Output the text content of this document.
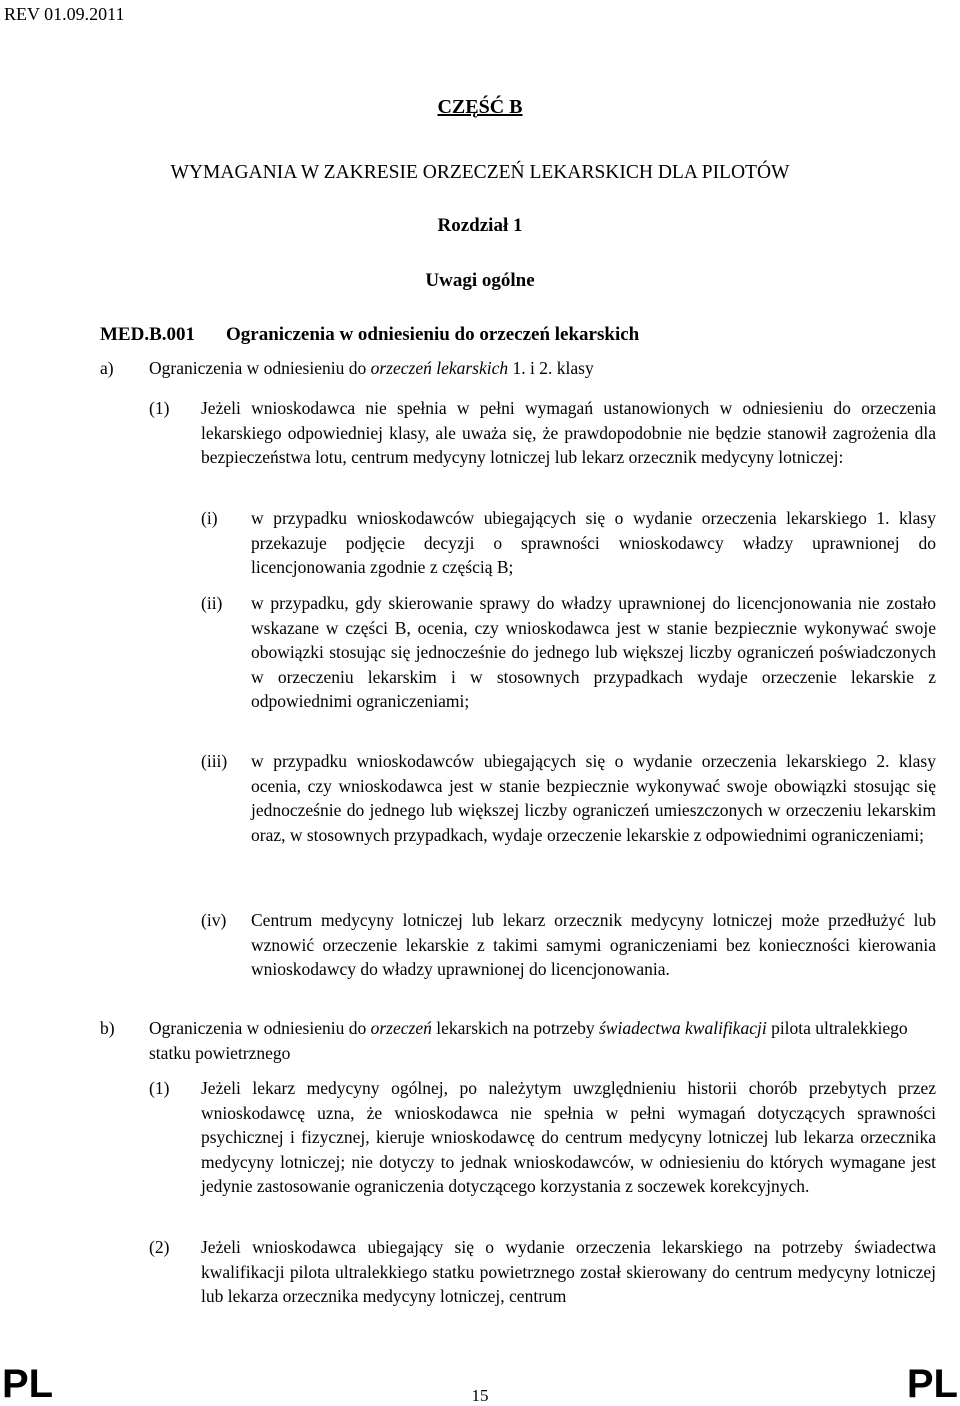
REV 01.09.2011
CZĘŚĆ B
WYMAGANIA W ZAKRESIE ORZECZEŃ LEKARSKICH DLA PILOTÓW
Rozdział 1
Uwagi ogólne
MED.B.001 Ograniczenia w odniesieniu do orzeczeń lekarskich
a) Ograniczenia w odniesieniu do orzeczeń lekarskich 1. i 2. klasy
(1) Jeżeli wnioskodawca nie spełnia w pełni wymagań ustanowionych w odniesieniu do orzeczenia lekarskiego odpowiedniej klasy, ale uważa się, że prawdopodobnie nie będzie stanowił zagrożenia dla bezpieczeństwa lotu, centrum medycyny lotniczej lub lekarz orzecznik medycyny lotniczej:
(i) w przypadku wnioskodawców ubiegających się o wydanie orzeczenia lekarskiego 1. klasy przekazuje podjęcie decyzji o sprawności wnioskodawcy władzy uprawnionej do licencjonowania zgodnie z częścią B;
(ii) w przypadku, gdy skierowanie sprawy do władzy uprawnionej do licencjonowania nie zostało wskazane w części B, ocenia, czy wnioskodawca jest w stanie bezpiecznie wykonywać swoje obowiązki stosując się jednocześnie do jednego lub większej liczby ograniczeń poświadczonych w orzeczeniu lekarskim i w stosownych przypadkach wydaje orzeczenie lekarskie z odpowiednimi ograniczeniami;
(iii) w przypadku wnioskodawców ubiegających się o wydanie orzeczenia lekarskiego 2. klasy ocenia, czy wnioskodawca jest w stanie bezpiecznie wykonywać swoje obowiązki stosując się jednocześnie do jednego lub większej liczby ograniczeń umieszczonych w orzeczeniu lekarskim oraz, w stosownych przypadkach, wydaje orzeczenie lekarskie z odpowiednimi ograniczeniami;
(iv) Centrum medycyny lotniczej lub lekarz orzecznik medycyny lotniczej może przedłużyć lub wznowić orzeczenie lekarskie z takimi samymi ograniczeniami bez konieczności kierowania wnioskodawcy do władzy uprawnionej do licencjonowania.
b) Ograniczenia w odniesieniu do orzeczeń lekarskich na potrzeby świadectwa kwalifikacji pilota ultralekkiego statku powietrznego
(1) Jeżeli lekarz medycyny ogólnej, po należytym uwzględnieniu historii chorób przebytych przez wnioskodawcę uzna, że wnioskodawca nie spełnia w pełni wymagań dotyczących sprawności psychicznej i fizycznej, kieruje wnioskodawcę do centrum medycyny lotniczej lub lekarza orzecznika medycyny lotniczej; nie dotyczy to jednak wnioskodawców, w odniesieniu do których wymagane jest jedynie zastosowanie ograniczenia dotyczącego korzystania z soczewek korekcyjnych.
(2) Jeżeli wnioskodawca ubiegający się o wydanie orzeczenia lekarskiego na potrzeby świadectwa kwalifikacji pilota ultralekkiego statku powietrznego został skierowany do centrum medycyny lotniczej lub lekarza orzecznika medycyny lotniczej, centrum
PL	15	PL
